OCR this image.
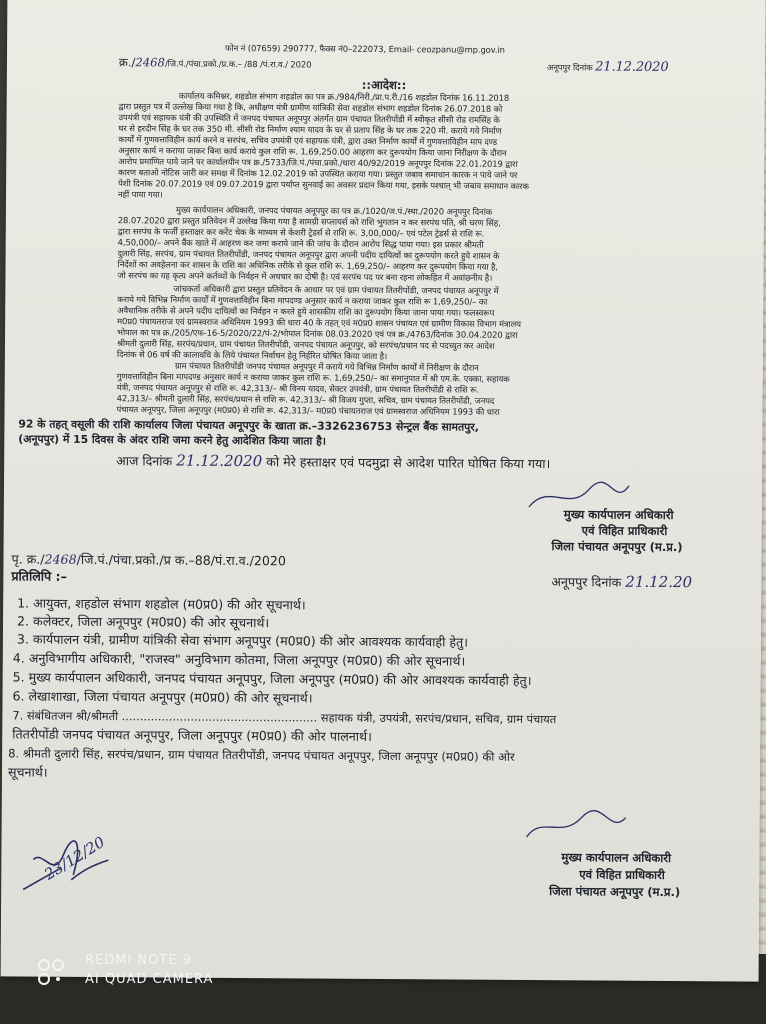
फोन नं (07659) 290777, फैक्स नं0–222073, Email- ceozpanu@mp.gov.in
क्र./2468/जि.पं./पंचा.प्रको./प्र.क.– /88 /पं.रा.व./ 2020	अनूपपुर दिनांक 21.12.2020
::आदेश::
कार्यालय कमिश्नर, शहडोल संभाग शहडोल का पत्र क्र./984/निरी./प्रा.प.री./16 शहडोल दिनांक 16.11.2018
द्वारा प्रस्तुत पत्र में उल्लेख किया गया है कि, अधीक्षण यंत्री ग्रामीण यांत्रिकी सेवा शहडोल संभाग शहडोल दिनांक 26.07.2018 को
उपयंत्री एवं सहायक यंत्री की उपस्थिति में जनपद पंचायत अनूपपुर अंतर्गत ग्राम पंचायत तितरीपोंडी में स्वीकृत सीसी रोड रामसिंह के
घर से हरदीन सिंह के घर तक 350 मी. सीसी रोड निर्माण श्याम यादव के घर से प्रताप सिंह के घर तक 220 मी. कराये गये निर्माण
कार्यों में गुणवत्ताविहीन कार्य करने व सरपंच, सचिव उपयंत्री एवं सहायक यंत्री, द्वारा उक्त निर्माण कार्यों में गुणवत्ताविहीन माप दण्ड
अनुसार कार्य न कराया जाकर बिना कार्य कराये कुल राशि रू. 1,69,250.00 आहरण कर दुरूपयोग किया जाना निरीक्षण के दौरान
आरोप प्रमाणित पाये जाने पर कार्यालयीन पत्र क्र./5733/जि.पं./पंचा.प्रको./धारा 40/92/2019 अनूपपुर दिनांक 22.01.2019 द्वारा
कारण बताओ नोटिस जारी कर समक्ष में दिनांक 12.02.2019 को उपस्थित कराया गया। प्रस्तुत जबाव समाधान कारक न पाये जाने पर
पेशी दिनांक 20.07.2019 एवं 09.07.2019 द्वारा पर्याप्त सुनवाई का अवसर प्रदान किया गया, इसके पश्चात् भी जबाव समाधान कारक
नहीं पाया गया।
मुख्य कार्यपालन अधिकारी, जनपद पंचायत अनूपपुर का पत्र क्र./1020/ज.पं./स्था./2020 अनूपपुर दिनांक
28.07.2020 द्वारा प्रस्तुत प्रतिवेदन में उल्लेख किया गया है सामग्री सप्लायर्स को राशि भुगतान न कर सरपंच पति, श्री चरण सिंह,
द्वारा सरपंच के फर्जी हस्ताक्षर कर करेंट चेक के माध्यम से केशरी ट्रेडर्स से राशि रू. 3,00,000/– एवं पटेल ट्रेडर्स से राशि रू.
4,50,000/– अपने बैंक खाते में आहरण कर जमा कराये जाने की जांच के दौरान आरोप सिद्ध पाया गया। इस प्रकार श्रीमती
दुलारी सिंह, सरपंच, ग्राम पंचायत तितरीपोंडी, जनपद पंचायत अनूपपुर द्वारा अपनी पदीय दायित्वों का दुरूपयोग करते हुये शासन के
निर्देशों का अवहेलना कर शासन के राशि का अधिनिक तरीके से कुल राशि रू. 1,69,250/– आहरण कर दुरूपयोग किया गया है,
जो सरपंच का यह कृत्य अपने कर्तव्यों के निर्वहन में अचचार का दोषी है। एवं सरपंच पद पर बना रहना लोकहित में अवांछनीय है।
जांचकर्ता अधिकारी द्वारा प्रस्तुत प्रतिवेदन के आधार पर एवं ग्राम पंचायत तितरीपोंडी, जनपद पंचायत अनूपपुर में
कराये गये विभिन्न निर्माण कार्यों में गुणवत्ताविहीन बिना मापदण्ड अनुसार कार्य न कराया जाकर कुल राशि रू 1,69,250/– का
अवैधानिक तरीके से अपने पदीय दायित्वों का निर्वहन न करते हुये शासकीय राशि का दुरूपयोग किया जाना पाया गया। फलस्वरूप
म0प्र0 पंचायतराज एवं ग्रामस्वराज अधिनियम 1993 की धारा 40 के तहत् एवं म0प्र0 शासन पंचायत एवं ग्रामीण विकास विभाग मंत्रालय
भोपाल का पत्र क्र./205/एफ-16-5/2020/22/पं-2/भोपाल दिनांक 08.03.2020 एवं पत्र क्र./4763/दिनांक 30.04.2020 द्वारा
श्रीमती दुलारी सिंह, सरपंच/प्रधान, ग्राम पंचायत तितरीपोंडी, जनपद पंचायत अनूपपुर, को सरपंच/प्रधान पद से पदच्युत कर आदेश
दिनांक से 06 वर्ष की कालावधि के लिये पंचायत निर्वाचन हेतु निर्हरित घोषित किया जाता है।
ग्राम पंचायत तितरीपोंडी जनपद पंचायत अनूपपुर में कराये गये विभिन्न निर्माण कार्यों में निरीक्षण के दौरान
गुणवत्ताविहीन बिना मापदण्ड अनुसार कार्य न कराया जाकर कुल राशि रू. 1,69,250/– का समानुपात में श्री एम.के. एक्का, सहायक
यंत्री, जनपद पंचायत अनूपपुर से राशि रू. 42,313/– श्री विनय यादव, सेक्टर उपयंत्री, ग्राम पंचायत तितरीपोंडी से राशि रू.
42,313/– श्रीमती दुलारी सिंह, सरपंच/प्रधान से राशि रू. 42,313/– श्री विजय गुप्ता, सचिव, ग्राम पंचायत तितरीपोंडी, जनपद
पंचायत अनूपपुर, जिला अनूपपुर (म0प्र0) से राशि रू. 42,313/– म0प्र0 पंचायतराज एवं ग्रामस्वराज अधिनियम 1993 की धारा
92 के तहत् वसूली की राशि कार्यालय जिला पंचायत अनूपपुर के खाता क्र.–3326236753 सेन्ट्रल बैंक सामतपुर,
(अनूपपुर) में 15 दिवस के अंदर राशि जमा करने हेतु आदेशित किया जाता है।
आज दिनांक 21.12.2020 को मेरे हस्ताक्षर एवं पदमुद्रा से आदेश पारित घोषित किया गया।
मुख्य कार्यपालन अधिकारी
एवं विहित प्राधिकारी
जिला पंचायत अनूपपुर (म.प्र.)
पृ. क्र./2468/जि.पं./पंचा.प्रको./प्र क.–88/पं.रा.व./2020
प्रतिलिपि :–	अनूपपुर दिनांक 21.12.20
1. आयुक्त, शहडोल संभाग शहडोल (म0प्र0) की ओर सूचनार्थ।
2. कलेक्टर, जिला अनूपपुर (म0प्र0) की ओर सूचनार्थ।
3. कार्यपालन यंत्री, ग्रामीण यांत्रिकी सेवा संभाग अनूपपुर (म0प्र0) की ओर आवश्यक कार्यवाही हेतु।
4. अनुविभागीय अधिकारी, "राजस्व" अनुविभाग कोतमा, जिला अनूपपुर (म0प्र0) की ओर सूचनार्थ।
5. मुख्य कार्यपालन अधिकारी, जनपद पंचायत अनूपपुर, जिला अनूपपुर (म0प्र0) की ओर आवश्यक कार्यवाही हेतु।
6. लेखाशाखा, जिला पंचायत अनूपपुर (म0प्र0) की ओर सूचनार्थ।
7. संबंधितजन श्री/श्रीमती ...................................................... सहायक यंत्री, उपयंत्री, सरपंच/प्रधान, सचिव, ग्राम पंचायत
तितरीपोंडी जनपद पंचायत अनूपपुर, जिला अनूपपुर (म0प्र0) की ओर पालनार्थ।
8. श्रीमती दुलारी सिंह, सरपंच/प्रधान, ग्राम पंचायत तितरीपोंडी, जनपद पंचायत अनूपपुर, जिला अनूपपुर (म0प्र0) की ओर
सूचनार्थ।
मुख्य कार्यपालन अधिकारी
एवं विहित प्राधिकारी
जिला पंचायत अनूपपुर (म.प्र.)
23/12/20
REDMI NOTE 9
AI QUAD CAMERA
